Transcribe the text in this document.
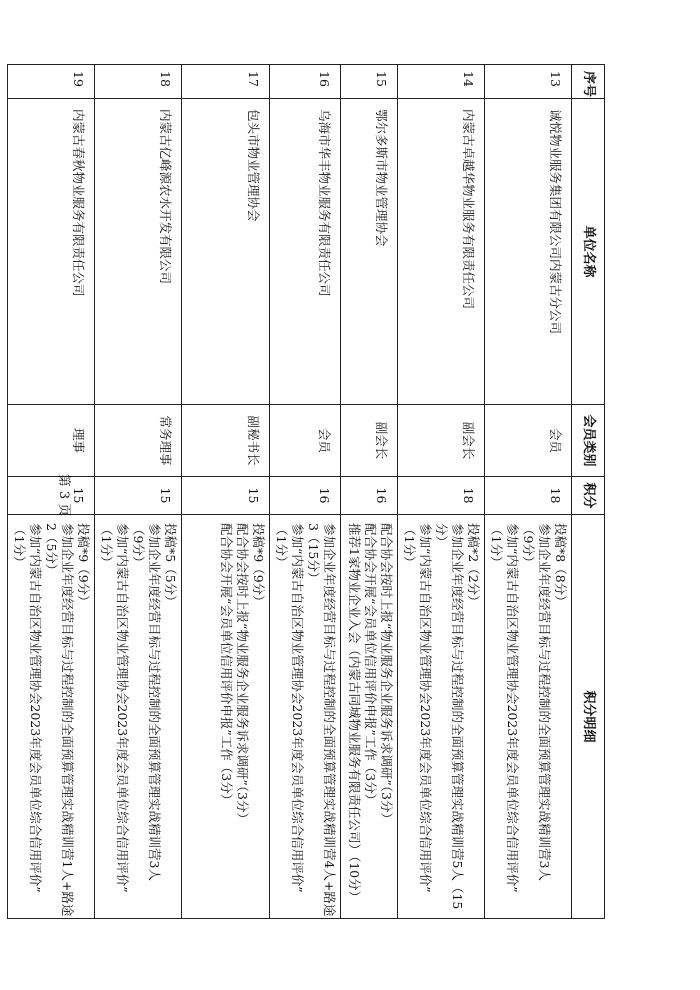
序号	单位名称	会员类别	积分	积分明细
13	诚悦物业服务集团有限公司内蒙古分公司	会员	18	投稿*8（8分）
参加企业年度经营目标与过程控制的全面预算管理实战精训营3人
（9分）
参加“内蒙古自治区物业管理协会2023年度会员单位综合信用评价”
（1分）

14	内蒙古卓越华物业服务有限责任公司	副会长	18	投稿*2（2分）
参加企业年度经营目标与过程控制的全面预算管理实战精训营5人（15
分）
参加“内蒙古自治区物业管理协会2023年度会员单位综合信用评价”
（1分）

15	鄂尔多斯市物业管理协会	副会长	16	配合协会按时上报“物业服务企业服务诉求调研”（3分）
配合协会开展“会员单位信用评价申报”工作（3分）
推荐1家物业企业入会（内蒙古同城物业服务有限责任公司）（10分）

16	乌海市华丰物业服务有限责任公司	会员	16	参加企业年度经营目标与过程控制的全面预算管理实战精训营4人+路途
3（15分）
参加“内蒙古自治区物业管理协会2023年度会员单位综合信用评价”
（1分）

17	包头市物业管理协会	副秘书长	15	投稿*9（9分）
配合协会按时上报“物业服务企业服务诉求调研”（3分）
配合协会开展“会员单位信用评价申报”工作（3分）

18	内蒙古亿峰源农水开发有限公司	常务理事	15	投稿*5（5分）
参加企业年度经营目标与过程控制的全面预算管理实战精训营3人
（9分）
参加“内蒙古自治区物业管理协会2023年度会员单位综合信用评价”
（1分）

19	内蒙古春秋物业服务有限责任公司	理事	15	投稿*9（9分）
参加企业年度经营目标与过程控制的全面预算管理实战精训营1人+路途
2（5分）
参加“内蒙古自治区物业管理协会2023年度会员单位综合信用评价”
（1分）
第 3 页
